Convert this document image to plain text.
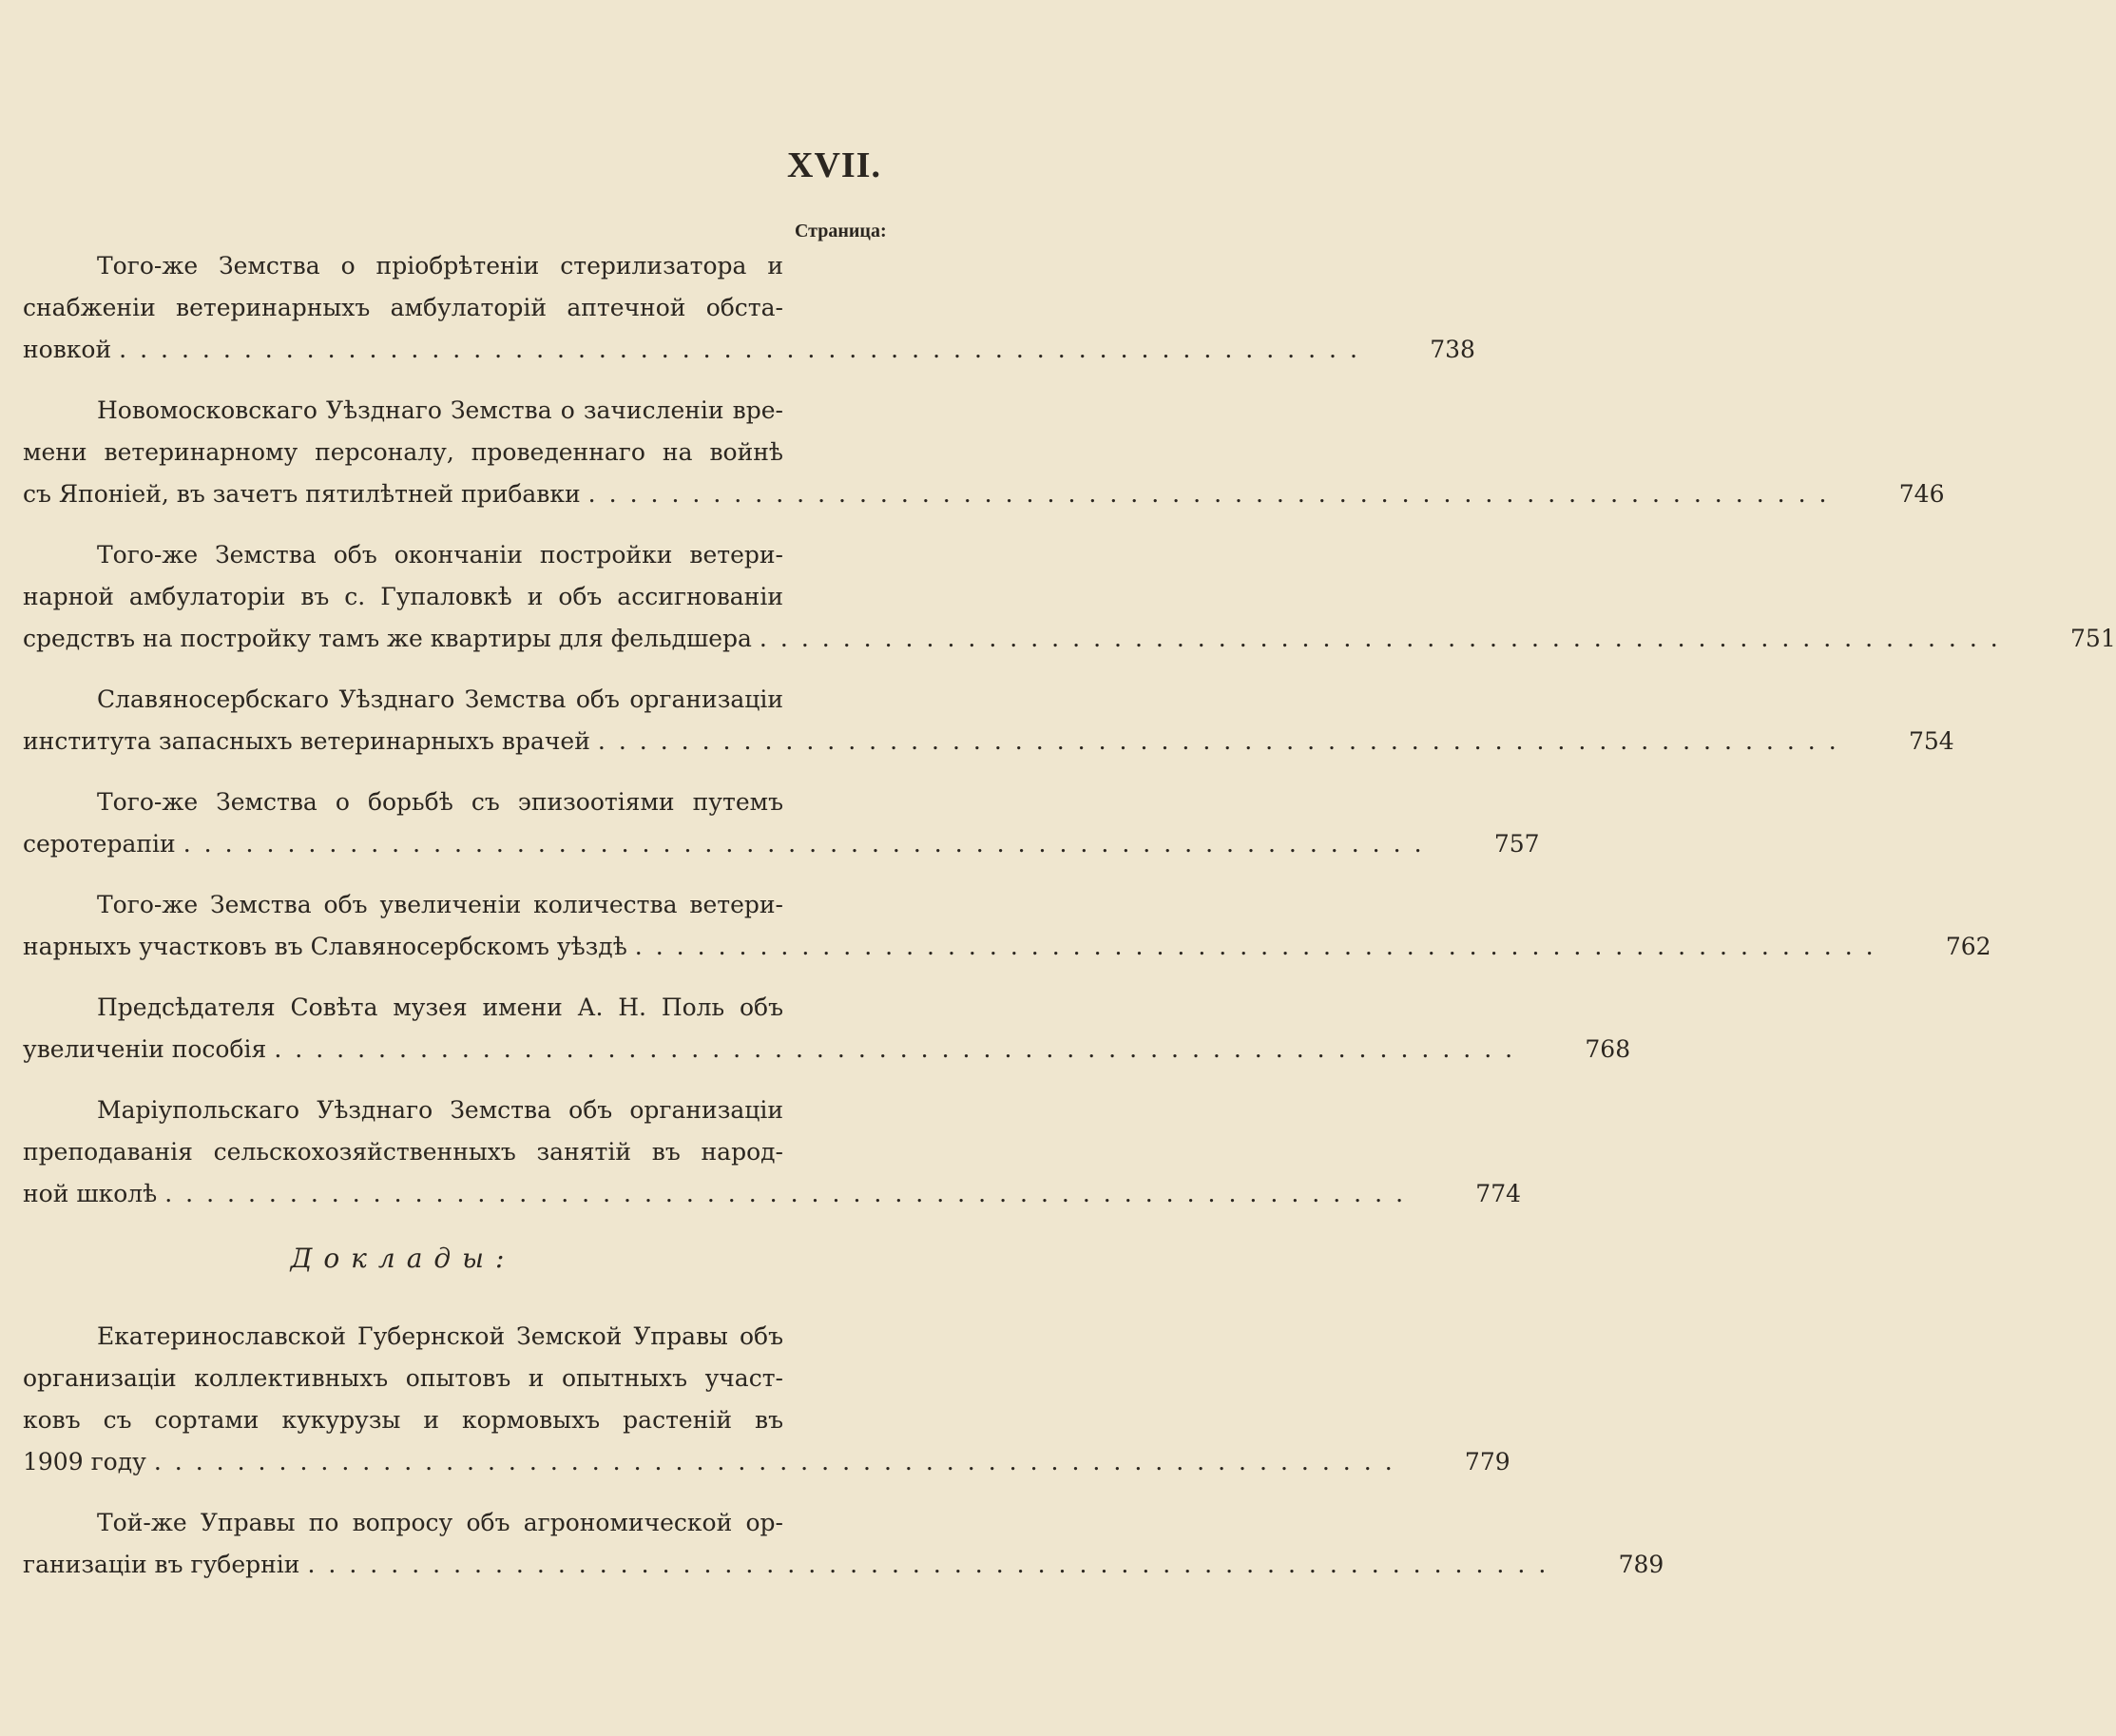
XVII.
Страница:
Того-же Земства о пріобрѣтеніи стерилизатора и
снабженіи ветеринарныхъ амбулаторій аптечной обста-
новкой ............................................................	738
Новомосковскаго Уѣзднаго Земства о зачисленіи вре-
мени ветеринарному персоналу, проведеннаго на войнѣ
съ Японіей, въ зачетъ пятилѣтней прибавки ............................................................	746
Того-же Земства объ окончаніи постройки ветери-
нарной амбулаторіи въ с. Гупаловкѣ и объ ассигнованіи
средствъ на постройку тамъ же квартиры для фельдшера ............................................................	751
Славяносербскаго Уѣзднаго Земства объ организаціи
института запасныхъ ветеринарныхъ врачей ............................................................	754
Того-же Земства о борьбѣ съ эпизоотіями путемъ
серотерапіи ............................................................	757
Того-же Земства объ увеличеніи количества ветери-
нарныхъ участковъ въ Славяносербскомъ уѣздѣ ............................................................	762
Предсѣдателя Совѣта музея имени А. Н. Поль объ
увеличеніи пособія ............................................................	768
Маріупольскаго Уѣзднаго Земства объ организаціи
преподаванія сельскохозяйственныхъ занятій въ народ-
ной школѣ ............................................................	774
Доклады:
Екатеринославской Губернской Земской Управы объ
организаціи коллективныхъ опытовъ и опытныхъ участ-
ковъ съ сортами кукурузы и кормовыхъ растеній въ
1909 году ............................................................	779
Той-же Управы по вопросу объ агрономической ор-
ганизаціи въ губерніи ............................................................	789
